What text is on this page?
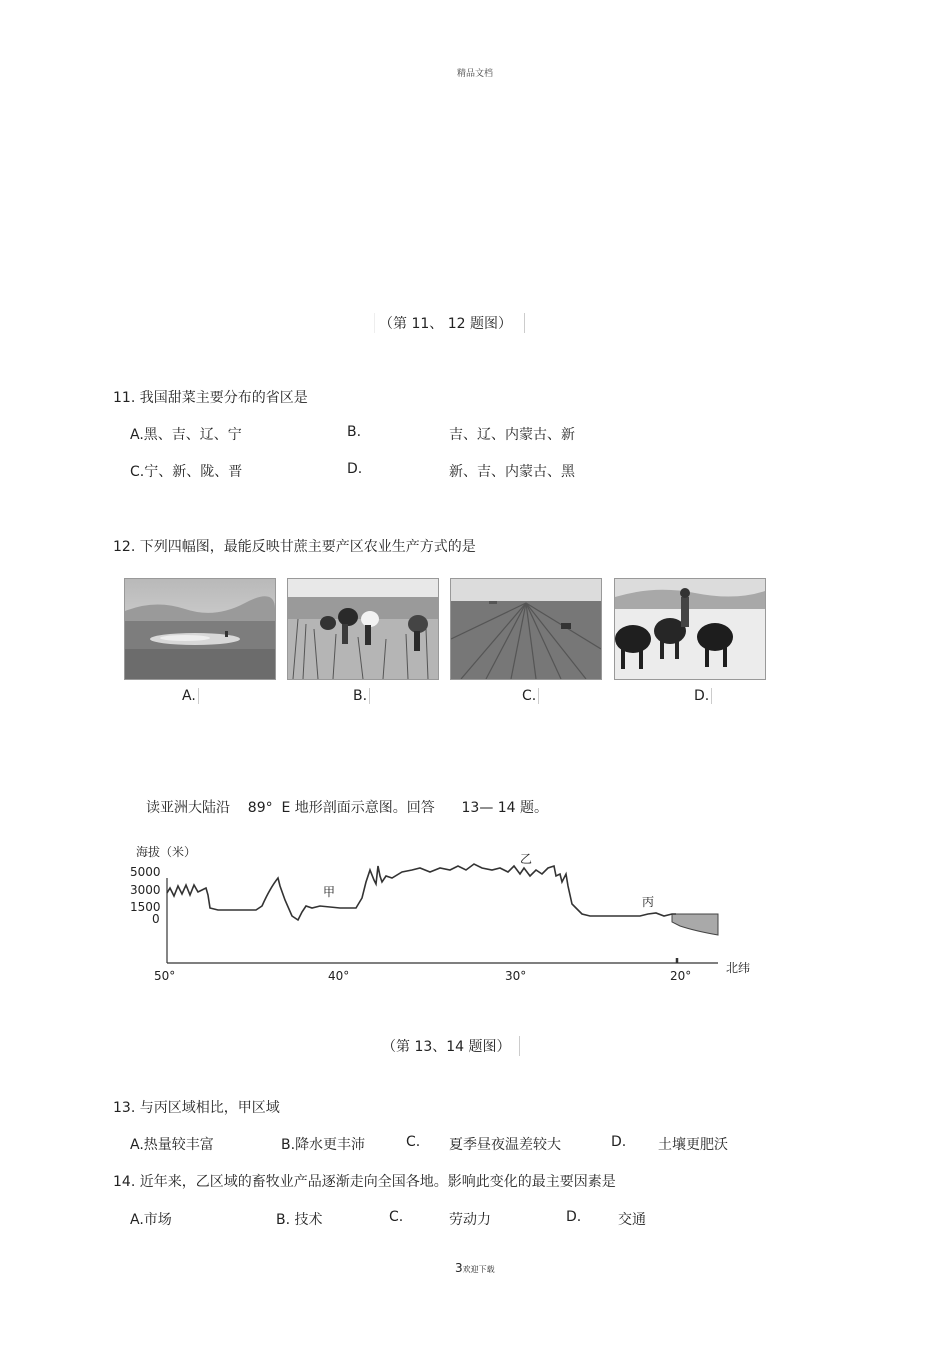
精品文档
（第 11、 12 题图）
11. 我国甜菜主要分布的省区是
A.黑、吉、辽、宁	B.	吉、辽、内蒙古、新
C.宁、新、陇、晋	D.	新、吉、内蒙古、黑
12. 下列四幅图，最能反映甘蔗主要产区农业生产方式的是
A.	B.	C.	D.
读亚洲大陆沿    89°  E 地形剖面示意图。回答      13— 14 题。
海拔（米）
5000
3000
1500
0
50°	40°	30°	20°
北纬
甲
乙
丙
（第 13、14 题图）
13. 与丙区域相比，甲区域
A.热量较丰富	B.降水更丰沛	C. 夏季昼夜温差较大	D. 土壤更肥沃
14. 近年来，乙区域的畜牧业产品逐渐走向全国各地。影响此变化的最主要因素是
A.市场	B. 技术	C.	劳动力	D.	交通
3欢迎下载
